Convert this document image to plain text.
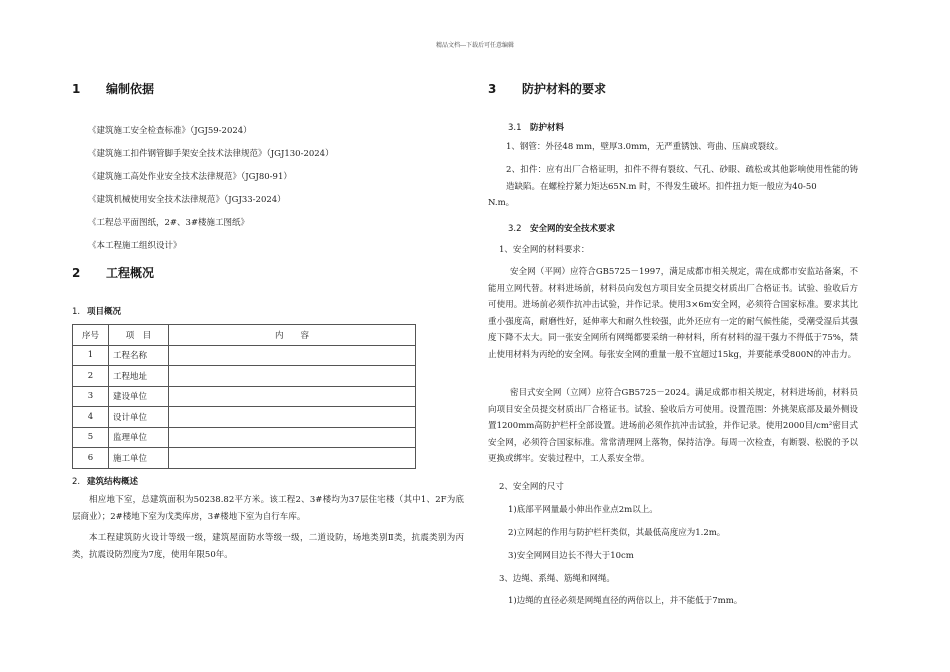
精品文档---下载后可任意编辑
1 编制依据
《建筑施工安全检查标准》（JGJ59-2024）
《建筑施工扣件钢管脚手架安全技术法律规范》（JGJ130-2024）
《建筑施工高处作业安全技术法律规范》（JGJ80-91）
《建筑机械使用安全技术法律规范》（JGJ33-2024）
《工程总平面图纸，2#、3#楼施工图纸》
《本工程施工组织设计》
2 工程概况
1. 项目概况
序号	项　目	内　　容
1	工程名称	
2	工程地址	
3	建设单位	
4	设计单位	
5	监理单位	
6	施工单位	
2. 建筑结构概述
相应地下室，总建筑面积为50238.82平方米。该工程2、3#楼均为37层住宅楼（其中1、2F为底层商业）；2#楼地下室为戊类库房，3#楼地下室为自行车库。
本工程建筑防火设计等级一级，建筑屋面防水等级一级，二道设防，场地类别Ⅱ类，抗震类别为丙类，抗震设防烈度为7度，使用年限50年。
3 防护材料的要求
3.1 防护材料
1、钢管：外径48 mm，壁厚3.0mm，无严重锈蚀、弯曲、压扁或裂纹。
2、扣件：应有出厂合格证明，扣件不得有裂纹、气孔、砂眼、疏松或其他影响使用性能的铸造缺陷。在螺栓拧紧力矩达65N.m 时，不得发生破坏。扣件扭力矩一般应为40-50
N.m。
3.2 安全网的安全技术要求
1、安全网的材料要求：
安全网（平网）应符合GB5725－1997，满足成都市相关规定，需在成都市安监站备案，不能用立网代替。材料进场前，材料员向发包方项目安全员提交材质出厂合格证书。试验、验收后方可使用。进场前必须作抗冲击试验，并作记录。使用3×6m安全网，必须符合国家标准。要求其比重小强度高，耐磨性好，延伸率大和耐久性较强，此外还应有一定的耐气候性能，受潮受湿后其强度下降不太大。同一张安全网所有网绳都要采纳一种材料，所有材料的湿干强力不得低于75%，禁止使用材料为丙纶的安全网。每张安全网的重量一般不宜超过15kg，并要能承受800N的冲击力。
密目式安全网（立网）应符合GB5725－2024。满足成都市相关规定，材料进场前，材料员向项目安全员提交材质出厂合格证书。试验、验收后方可使用。设置范围：外挑架底部及最外侧设置1200mm高防护栏杆全部设置。进场前必须作抗冲击试验，并作记录。使用2000目/cm²密目式安全网，必须符合国家标准。常常清理网上落物，保持洁净。每周一次检查，有断裂、松脱的予以更换或绑牢。安装过程中，工人系安全带。
2、安全网的尺寸
1)底部平网量最小伸出作业点2m以上。
2)立网起的作用与防护栏杆类似，其最低高度应为1.2m。
3)安全网网目边长不得大于10cm
3、边绳、系绳、筋绳和网绳。
1)边绳的直径必须是网绳直径的两倍以上，并不能低于7mm。
